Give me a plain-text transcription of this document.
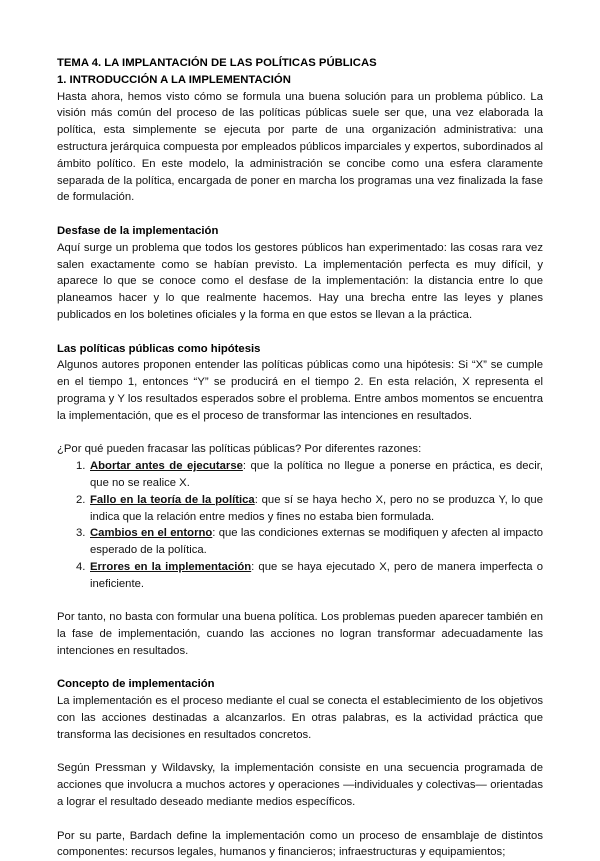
TEMA 4. LA IMPLANTACIÓN DE LAS POLÍTICAS PÚBLICAS
1. INTRODUCCIÓN A LA IMPLEMENTACIÓN

Hasta ahora, hemos visto cómo se formula una buena solución para un problema público. La visión más común del proceso de las políticas públicas suele ser que, una vez elaborada la política, esta simplemente se ejecuta por parte de una organización administrativa: una estructura jerárquica compuesta por empleados públicos imparciales y expertos, subordinados al ámbito político. En este modelo, la administración se concibe como una esfera claramente separada de la política, encargada de poner en marcha los programas una vez finalizada la fase de formulación.

Desfase de la implementación

Aquí surge un problema que todos los gestores públicos han experimentado: las cosas rara vez salen exactamente como se habían previsto. La implementación perfecta es muy difícil, y aparece lo que se conoce como el desfase de la implementación: la distancia entre lo que planeamos hacer y lo que realmente hacemos. Hay una brecha entre las leyes y planes publicados en los boletines oficiales y la forma en que estos se llevan a la práctica.

Las políticas públicas como hipótesis

Algunos autores proponen entender las políticas públicas como una hipótesis: Si “X” se cumple en el tiempo 1, entonces “Y” se producirá en el tiempo 2. En esta relación, X representa el programa y Y los resultados esperados sobre el problema. Entre ambos momentos se encuentra la implementación, que es el proceso de transformar las intenciones en resultados.

¿Por qué pueden fracasar las políticas públicas? Por diferentes razones:

1. Abortar antes de ejecutarse: que la política no llegue a ponerse en práctica, es decir, que no se realice X.
2. Fallo en la teoría de la política: que sí se haya hecho X, pero no se produzca Y, lo que indica que la relación entre medios y fines no estaba bien formulada.
3. Cambios en el entorno: que las condiciones externas se modifiquen y afecten al impacto esperado de la política.
4. Errores en la implementación: que se haya ejecutado X, pero de manera imperfecta o ineficiente.

Por tanto, no basta con formular una buena política. Los problemas pueden aparecer también en la fase de implementación, cuando las acciones no logran transformar adecuadamente las intenciones en resultados.

Concepto de implementación

La implementación es el proceso mediante el cual se conecta el establecimiento de los objetivos con las acciones destinadas a alcanzarlos. En otras palabras, es la actividad práctica que transforma las decisiones en resultados concretos.

Según Pressman y Wildavsky, la implementación consiste en una secuencia programada de acciones que involucra a muchos actores y operaciones —individuales y colectivas— orientadas a lograr el resultado deseado mediante medios específicos.

Por su parte, Bardach define la implementación como un proceso de ensamblaje de distintos componentes: recursos legales, humanos y financieros; infraestructuras y equipamientos;
